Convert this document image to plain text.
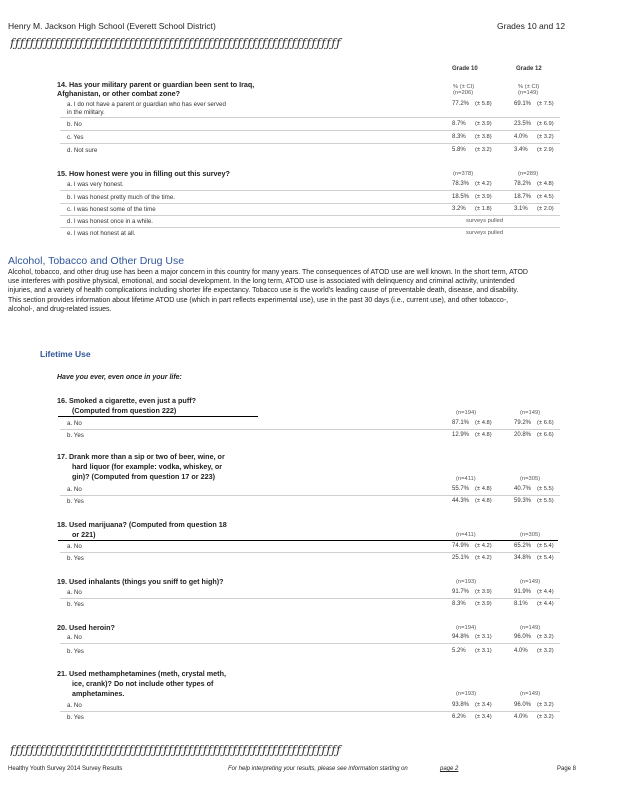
Henry M. Jackson High School (Everett School District)	Grades 10 and 12
ƒƒƒƒƒƒƒƒƒƒƒƒƒƒƒƒƒƒƒƒƒƒƒƒƒƒƒƒƒƒƒƒƒƒƒƒƒƒƒƒƒƒƒƒƒƒƒƒƒƒƒƒƒƒƒƒƒƒƒƒƒƒƒƒƒƒƒ
Grade 10	Grade 12
14. Has your military parent or guardian been sent to Iraq, Afghanistan, or other combat zone?
% (± CI)
(n=206)
% (± CI)
(n=149)
a. I do not have a parent or guardian who has ever served
in the military.
77.2% (± 5.8)	69.1% (± 7.5)
b. No	8.7% (± 3.9)	23.5% (± 6.9)
c. Yes	8.3% (± 3.8)	4.0% (± 3.2)
d. Not sure	5.8% (± 3.2)	3.4% (± 2.9)
15. How honest were you in filling out this survey?	(n=378)	(n=289)
a. I was very honest.	78.3% (± 4.2)	78.2% (± 4.8)
b. I was honest pretty much of the time.	18.5% (± 3.9)	18.7% (± 4.5)
c. I was honest some of the time	3.2% (± 1.8)	3.1% (± 2.0)
d. I was honest once in a while.	surveys pulled
e. I was not honest at all.	surveys pulled
Alcohol, Tobacco and Other Drug Use
Alcohol, tobacco, and other drug use has been a major concern in this country for many years. The consequences of ATOD use are well known. In the short term, ATOD use interferes with positive physical, emotional, and social development. In the long term, ATOD use is associated with delinquency and criminal activity, unintended injuries, and a variety of health complications including shorter life expectancy. Tobacco use is the world's leading cause of preventable death, disease, and disability. This section provides information about lifetime ATOD use (which in part reflects experimental use), use in the past 30 days (i.e., current use), and other tobacco-, alcohol-, and drug-related issues.
Lifetime Use
Have you ever, even once in your life:
16. Smoked a cigarette, even just a puff?
(Computed from question 222)	(n=194)	(n=149)
a. No	87.1% (± 4.8)	79.2% (± 6.6)
b. Yes	12.9% (± 4.8)	20.8% (± 6.6)
17. Drank more than a sip or two of beer, wine, or
hard liquor (for example: vodka, whiskey, or
gin)? (Computed from question 17 or 223)	(n=411)	(n=305)
a. No	55.7% (± 4.8)	40.7% (± 5.5)
b. Yes	44.3% (± 4.8)	59.3% (± 5.5)
18. Used marijuana? (Computed from question 18
or 221)	(n=411)	(n=305)
a. No	74.9% (± 4.2)	65.2% (± 5.4)
b. Yes	25.1% (± 4.2)	34.8% (± 5.4)
19. Used inhalants (things you sniff to get high)?	(n=193)	(n=149)
a. No	91.7% (± 3.9)	91.9% (± 4.4)
b. Yes	8.3% (± 3.9)	8.1% (± 4.4)
20. Used heroin?	(n=194)	(n=149)
a. No	94.8% (± 3.1)	96.0% (± 3.2)
b. Yes	5.2% (± 3.1)	4.0% (± 3.2)
21. Used methamphetamines (meth, crystal meth,
ice, crank)? Do not include other types of
amphetamines.	(n=193)	(n=149)
a. No	93.8% (± 3.4)	96.0% (± 3.2)
b. Yes	6.2% (± 3.4)	4.0% (± 3.2)
ƒƒƒƒƒƒƒƒƒƒƒƒƒƒƒƒƒƒƒƒƒƒƒƒƒƒƒƒƒƒƒƒƒƒƒƒƒƒƒƒƒƒƒƒƒƒƒƒƒƒƒƒƒƒƒƒƒƒƒƒƒƒƒƒƒƒƒ
Healthy Youth Survey 2014 Survey Results	For help interpreting your results, please see information starting on	page 2	Page 8
